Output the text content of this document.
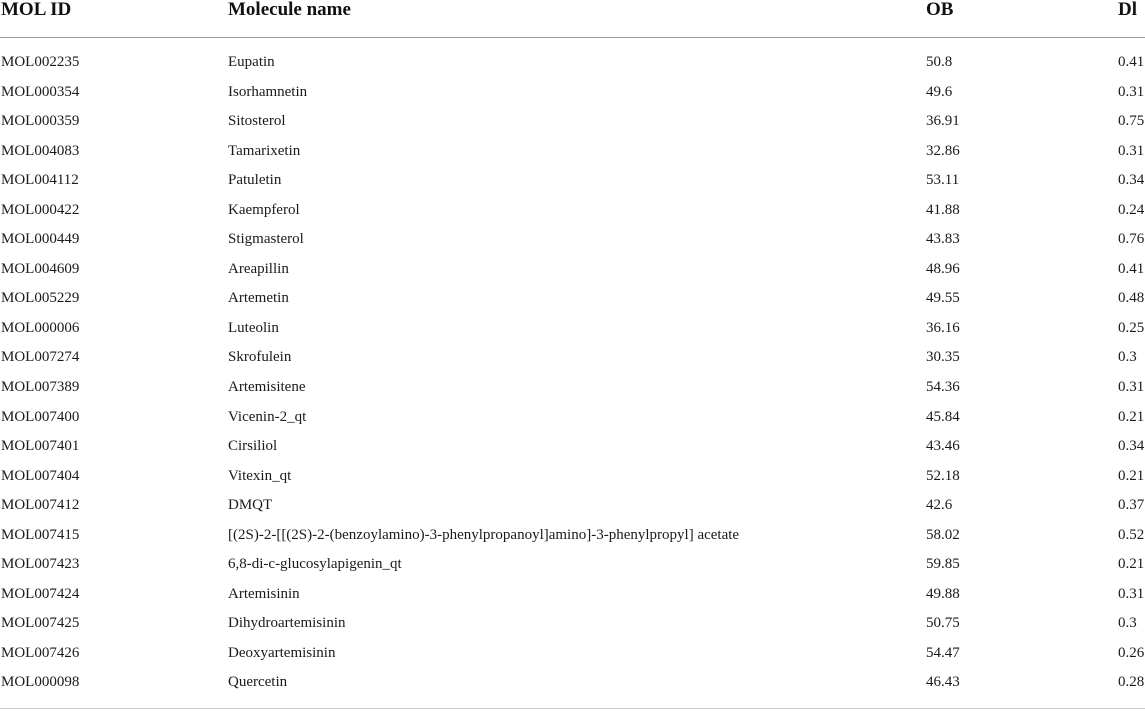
MOL ID	Molecule name	OB	Dl
MOL002235	Eupatin	50.8	0.41
MOL000354	Isorhamnetin	49.6	0.31
MOL000359	Sitosterol	36.91	0.75
MOL004083	Tamarixetin	32.86	0.31
MOL004112	Patuletin	53.11	0.34
MOL000422	Kaempferol	41.88	0.24
MOL000449	Stigmasterol	43.83	0.76
MOL004609	Areapillin	48.96	0.41
MOL005229	Artemetin	49.55	0.48
MOL000006	Luteolin	36.16	0.25
MOL007274	Skrofulein	30.35	0.3
MOL007389	Artemisitene	54.36	0.31
MOL007400	Vicenin-2_qt	45.84	0.21
MOL007401	Cirsiliol	43.46	0.34
MOL007404	Vitexin_qt	52.18	0.21
MOL007412	DMQT	42.6	0.37
MOL007415	[(2S)-2-[[(2S)-2-(benzoylamino)-3-phenylpropanoyl]amino]-3-phenylpropyl] acetate	58.02	0.52
MOL007423	6,8-di-c-glucosylapigenin_qt	59.85	0.21
MOL007424	Artemisinin	49.88	0.31
MOL007425	Dihydroartemisinin	50.75	0.3
MOL007426	Deoxyartemisinin	54.47	0.26
MOL000098	Quercetin	46.43	0.28
